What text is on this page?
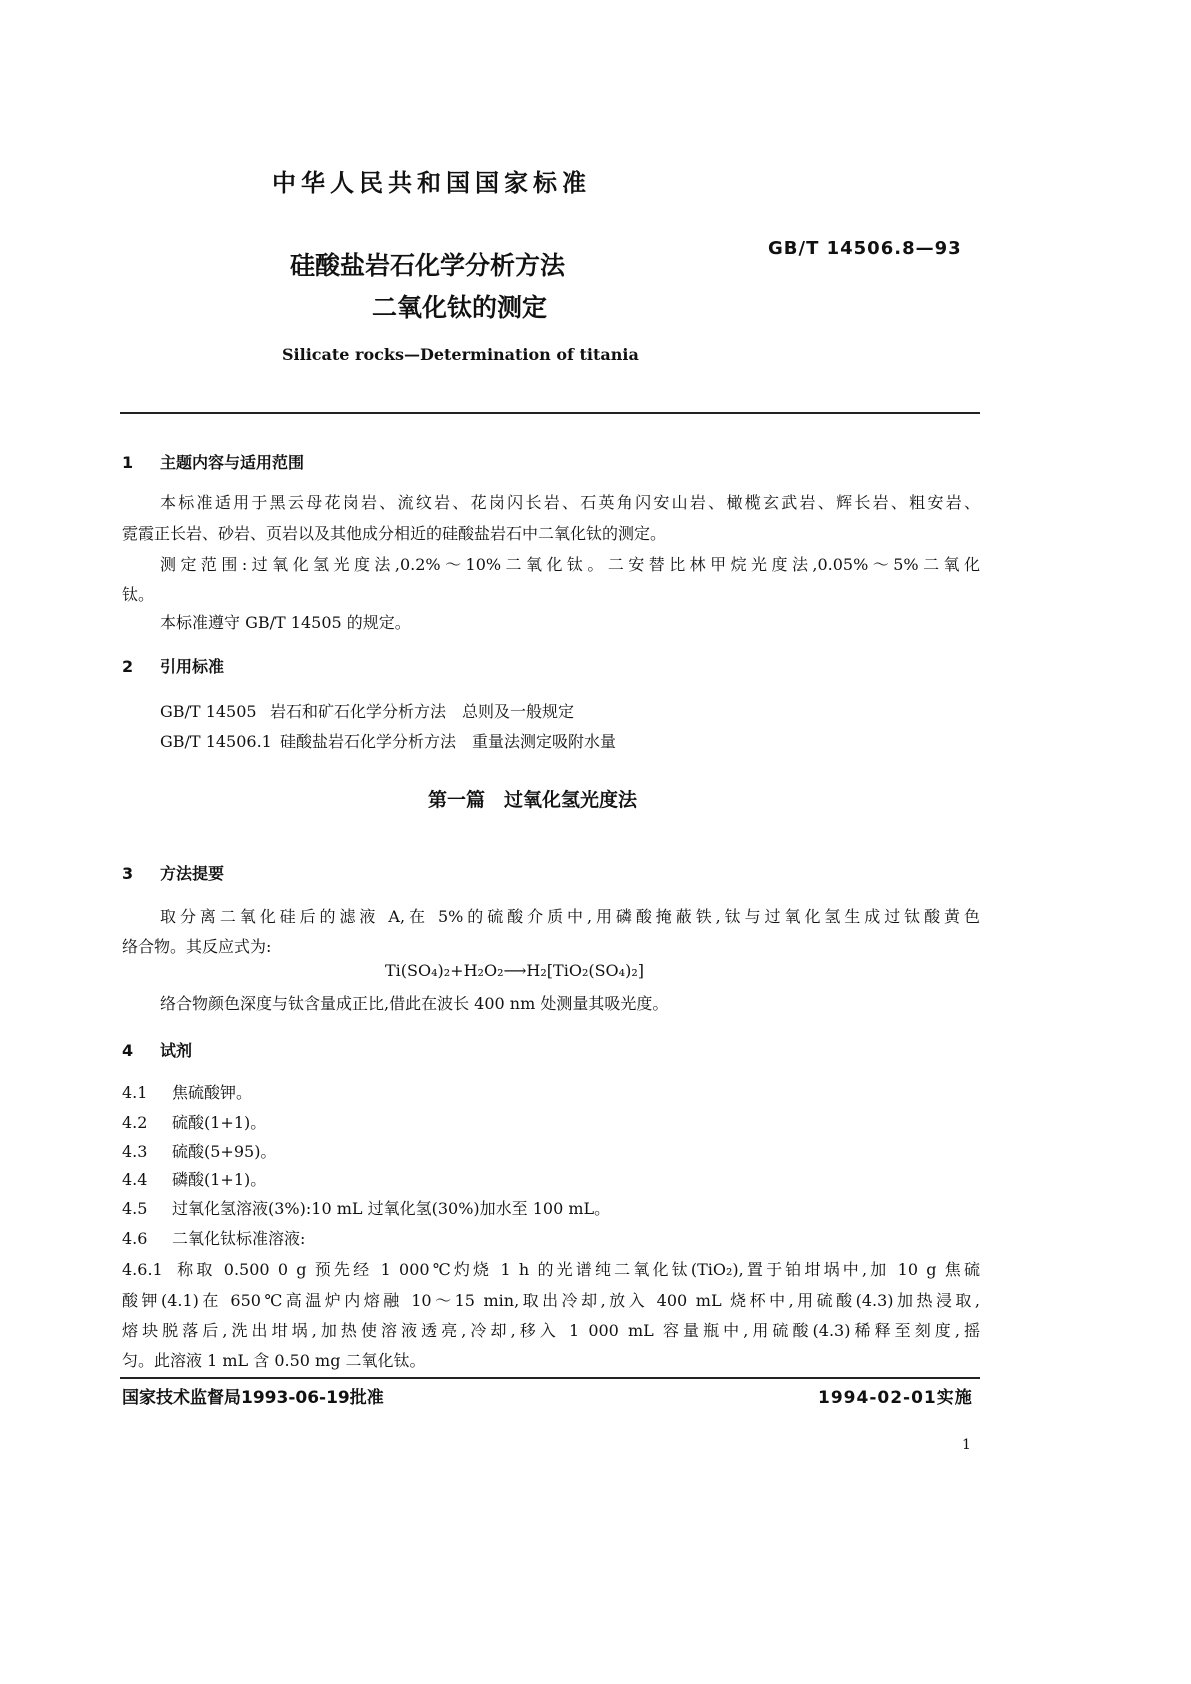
中华人民共和国国家标准
硅酸盐岩石化学分析方法
GB/T 14506.8—93
二氧化钛的测定
Silicate rocks—Determination of titania
1 主题内容与适用范围
本标准适用于黑云母花岗岩、流纹岩、花岗闪长岩、石英角闪安山岩、橄榄玄武岩、辉长岩、粗安岩、
霓霞正长岩、砂岩、页岩以及其他成分相近的硅酸盐岩石中二氧化钛的测定。
测定范围:过氧化氢光度法,0.2%～10%二氧化钛。二安替比林甲烷光度法,0.05%～5%二氧化
钛。
本标准遵守 GB/T 14505 的规定。
2 引用标准
GB/T 14505 岩石和矿石化学分析方法　总则及一般规定
GB/T 14506.1 硅酸盐岩石化学分析方法　重量法测定吸附水量
第一篇　过氧化氢光度法
3 方法提要
取分离二氧化硅后的滤液 A,在 5%的硫酸介质中,用磷酸掩蔽铁,钛与过氧化氢生成过钛酸黄色
络合物。其反应式为:
Ti(SO₄)₂+H₂O₂⟶H₂[TiO₂(SO₄)₂]
络合物颜色深度与钛含量成正比,借此在波长 400 nm 处测量其吸光度。
4 试剂
4.1 焦硫酸钾。
4.2 硫酸(1+1)。
4.3 硫酸(5+95)。
4.4 磷酸(1+1)。
4.5 过氧化氢溶液(3%):10 mL 过氧化氢(30%)加水至 100 mL。
4.6 二氧化钛标准溶液:
4.6.1 称取 0.500 0 g 预先经 1 000℃灼烧 1 h 的光谱纯二氧化钛(TiO₂),置于铂坩埚中,加 10 g 焦硫
酸钾(4.1)在 650℃高温炉内熔融 10～15 min,取出冷却,放入 400 mL 烧杯中,用硫酸(4.3)加热浸取,
熔块脱落后,洗出坩埚,加热使溶液透亮,冷却,移入 1 000 mL 容量瓶中,用硫酸(4.3)稀释至刻度,摇
匀。此溶液 1 mL 含 0.50 mg 二氧化钛。
国家技术监督局1993-06-19批准	1994-02-01实施
1
